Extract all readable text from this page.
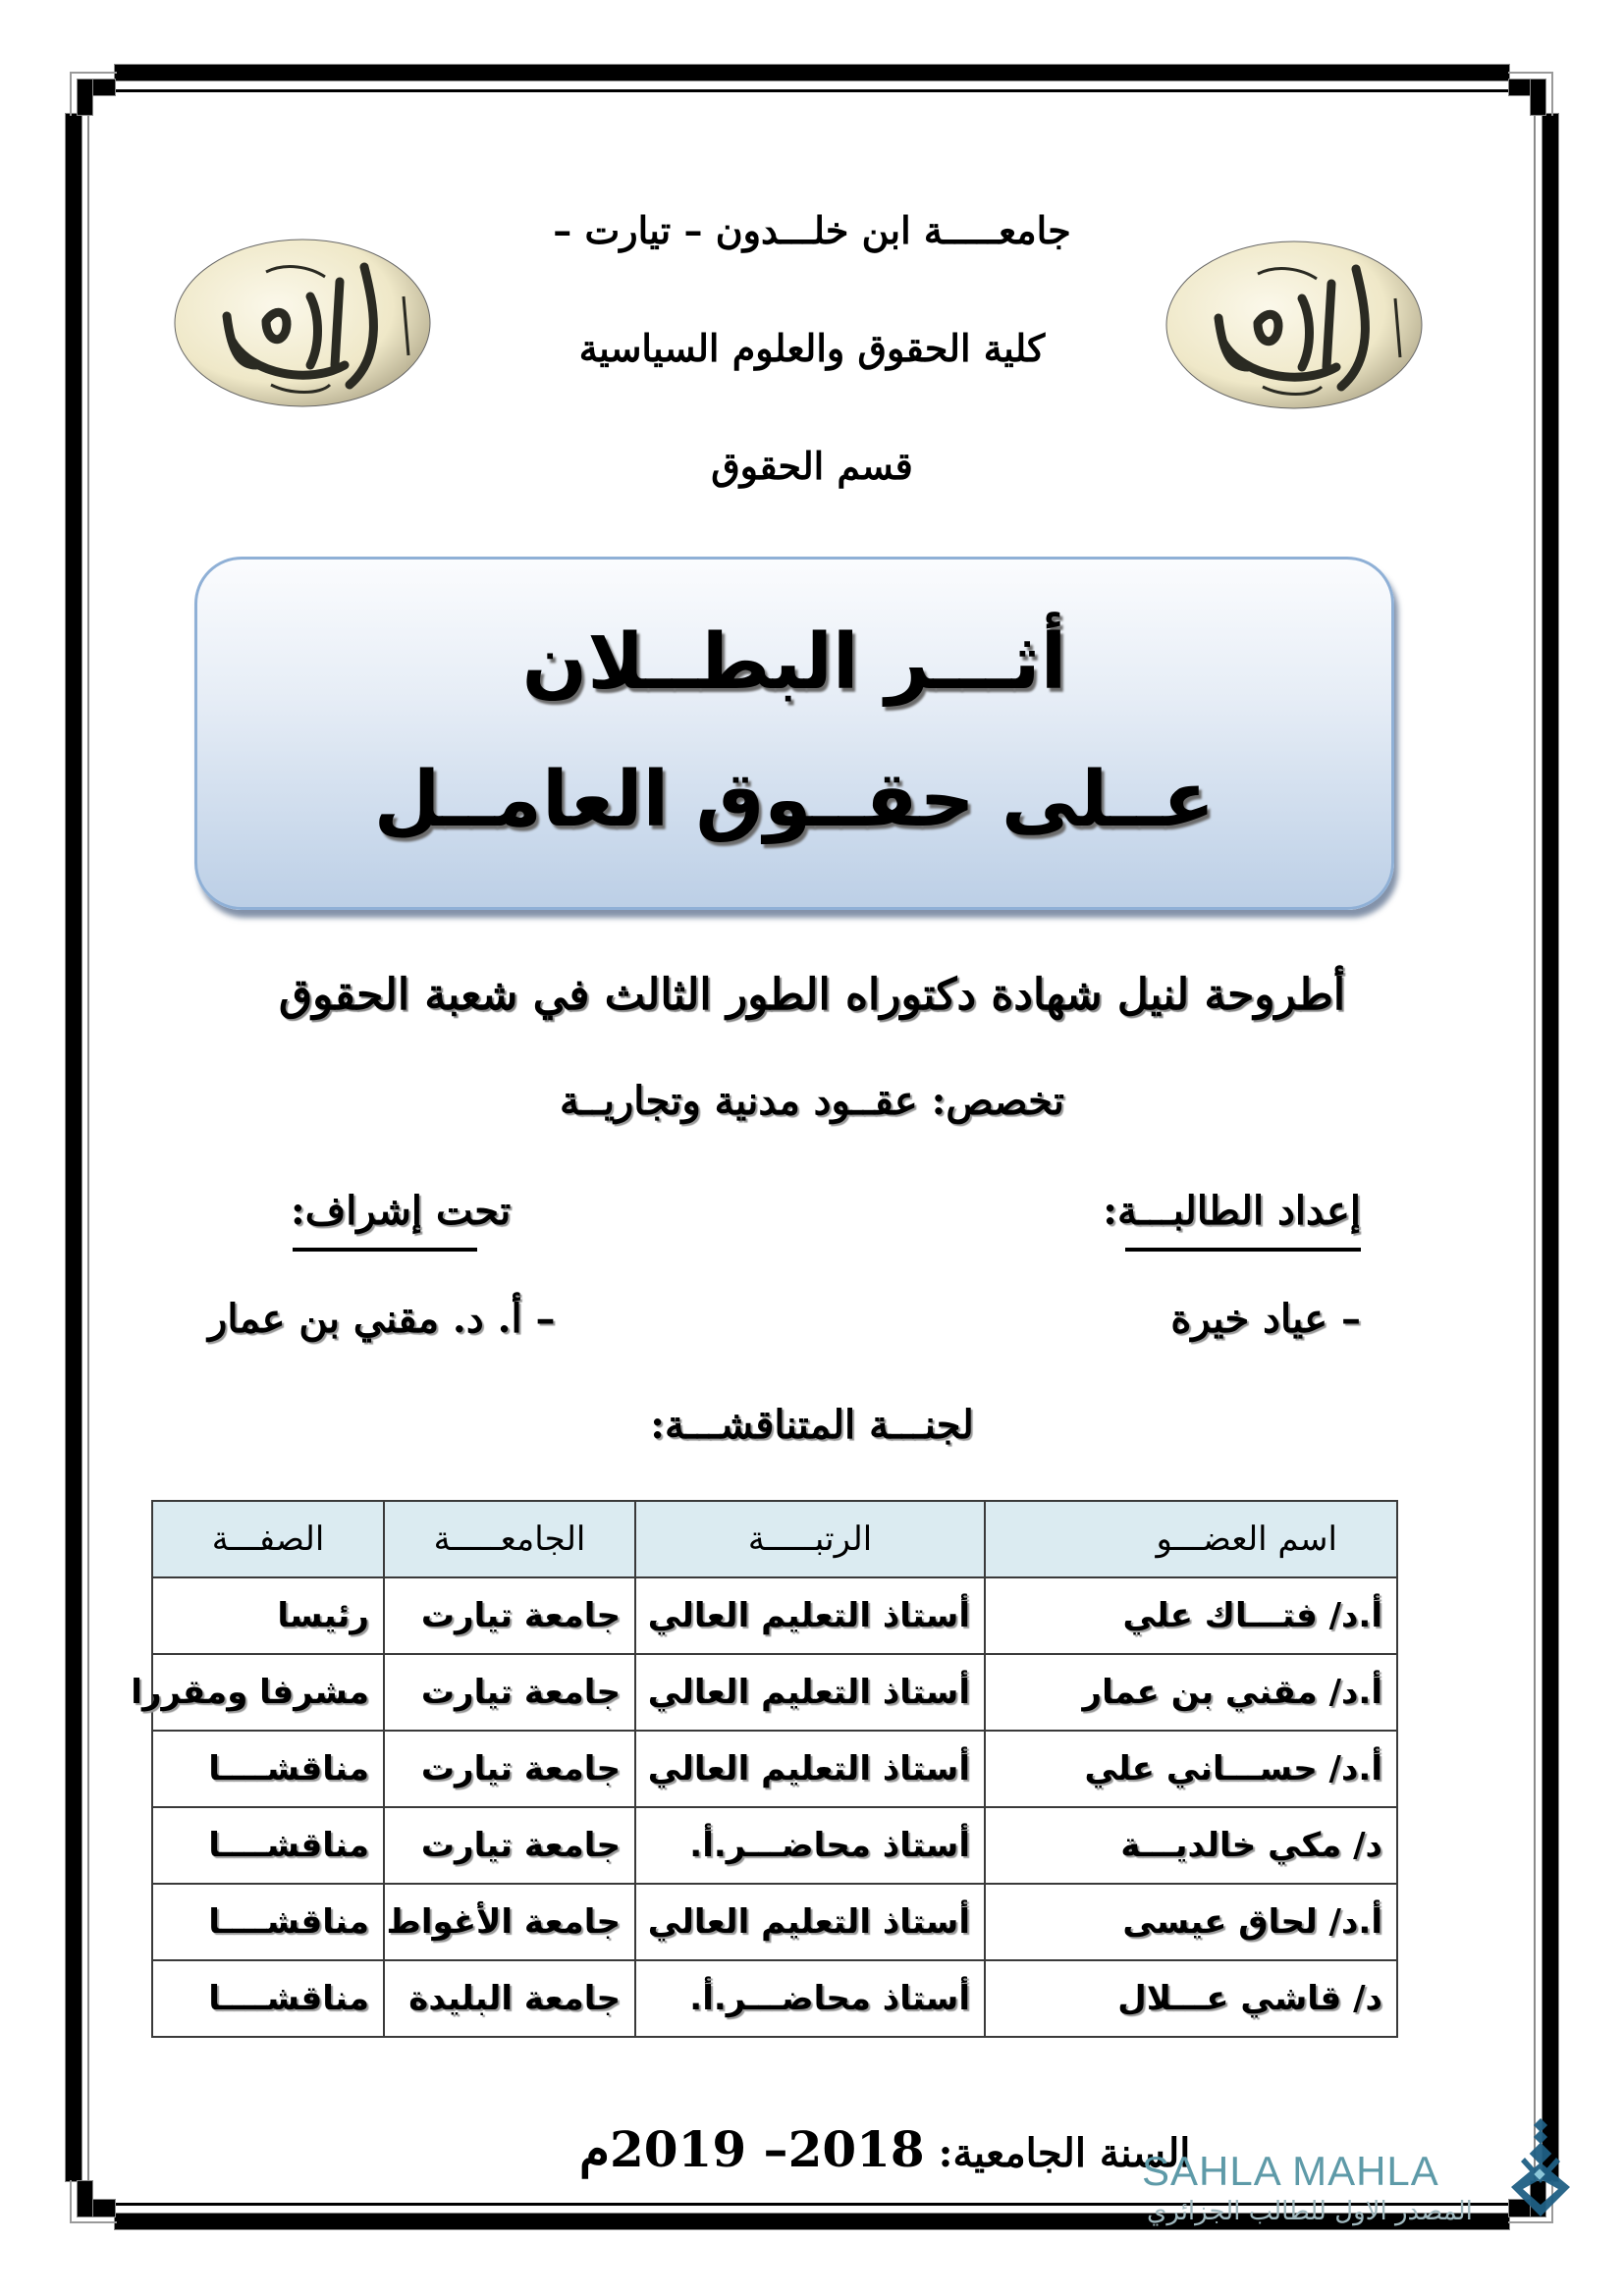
جامعـــــة ابن خلـــدون – تيارت –
كلية الحقوق والعلوم السياسية
قسم الحقوق
أثـــر البطــلان
عــلى حقــوق العامــل
أطروحة لنيل شهادة دكتوراه الطور الثالث في شعبة الحقوق
تخصص: عقــود مدنية وتجاريــة
إعداد الطالبـــة:
تحت إشراف:
– عياد خيرة
– أ. د. مقني بن عمار
لجنـــة المتناقشـــة:
اسم العضـــو	الرتبـــــة	الجامعـــــة	الصفـــة
أ.د/ فتـــاك علي	أستاذ التعليم العالي	جامعة تيارت	رئيسا
أ.د/ مقني بن عمار	أستاذ التعليم العالي	جامعة تيارت	مشرفا ومقررا
أ.د/ حســـاني علي	أستاذ التعليم العالي	جامعة تيارت	مناقشــــا
د/ مكي خالديـــة	أستاذ محاضـــر.أ.	جامعة تيارت	مناقشــــا
أ.د/ لحاق عيسى	أستاذ التعليم العالي	جامعة الأغواط	مناقشــــا
د/ قاشي عـــلال	أستاذ محاضـــر.أ.	جامعة البليدة	مناقشــــا
السنة الجامعية: 2018– 2019م	SAHLA MAHLA
المصدر الاول للطالب الجزائري
